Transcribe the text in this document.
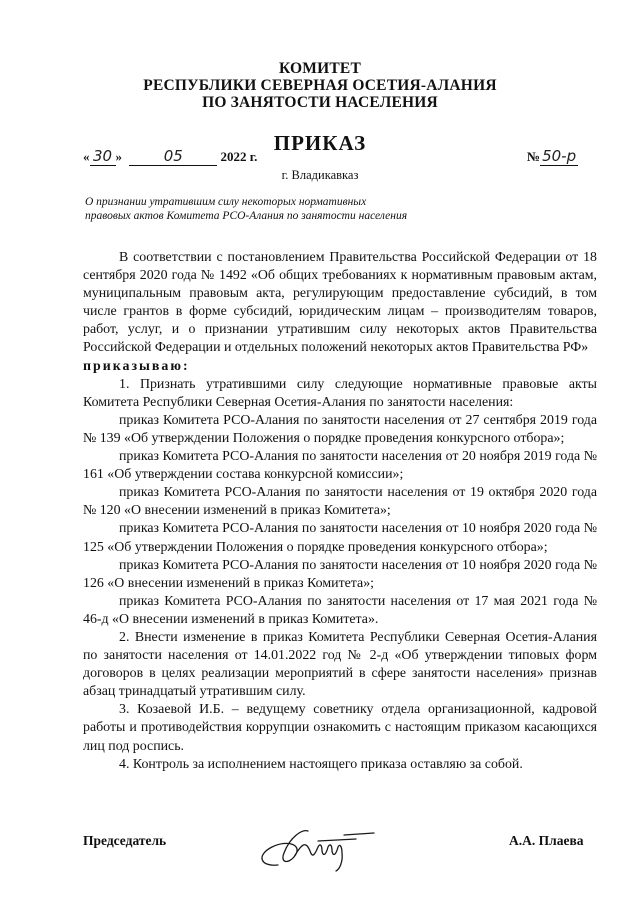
КОМИТЕТ
РЕСПУБЛИКИ СЕВЕРНАЯ ОСЕТИЯ-АЛАНИЯ
ПО ЗАНЯТОСТИ НАСЕЛЕНИЯ
ПРИКАЗ
« 30 »	05	2022 г.	№ 50-р
г. Владикавказ
О признании утратившим силу некоторых нормативных
правовых актов Комитета РСО-Алания по занятости населения

В соответствии с постановлением Правительства Российской Федерации от 18 сентября 2020 года № 1492 «Об общих требованиях к нормативным правовым актам, муниципальным правовым акта, регулирующим предоставление субсидий, в том числе грантов в форме субсидий, юридическим лицам – производителям товаров, работ, услуг, и о признании утратившим силу некоторых актов Правительства Российской Федерации и отдельных положений некоторых актов Правительства РФ»

приказываю:

1. Признать утратившими силу следующие нормативные правовые акты Комитета Республики Северная Осетия-Алания по занятости населения:

приказ Комитета РСО-Алания по занятости населения от 27 сентября 2019 года № 139 «Об утверждении Положения о порядке проведения конкурсного отбора»;

приказ Комитета РСО-Алания по занятости населения от 20 ноября 2019 года № 161 «Об утверждении состава конкурсной комиссии»;

приказ Комитета РСО-Алания по занятости населения от 19 октября 2020 года № 120 «О внесении изменений в приказ Комитета»;

приказ Комитета РСО-Алания по занятости населения от 10 ноября 2020 года № 125 «Об утверждении Положения о порядке проведения конкурсного отбора»;

приказ Комитета РСО-Алания по занятости населения от 10 ноября 2020 года № 126 «О внесении изменений в приказ Комитета»;

приказ Комитета РСО-Алания по занятости населения от 17 мая 2021 года № 46-д «О внесении изменений в приказ Комитета».

2. Внести изменение в приказ Комитета Республики Северная Осетия-Алания по занятости населения от 14.01.2022 год № 2-д «Об утверждении типовых форм договоров в целях реализации мероприятий в сфере занятости населения» признав абзац тринадцатый утратившим силу.

3. Козаевой И.Б. – ведущему советнику отдела организационной, кадровой работы и противодействия коррупции ознакомить с настоящим приказом касающихся лиц под роспись.

4. Контроль за исполнением настоящего приказа оставляю за собой.

Председатель	А.А. Плаева
